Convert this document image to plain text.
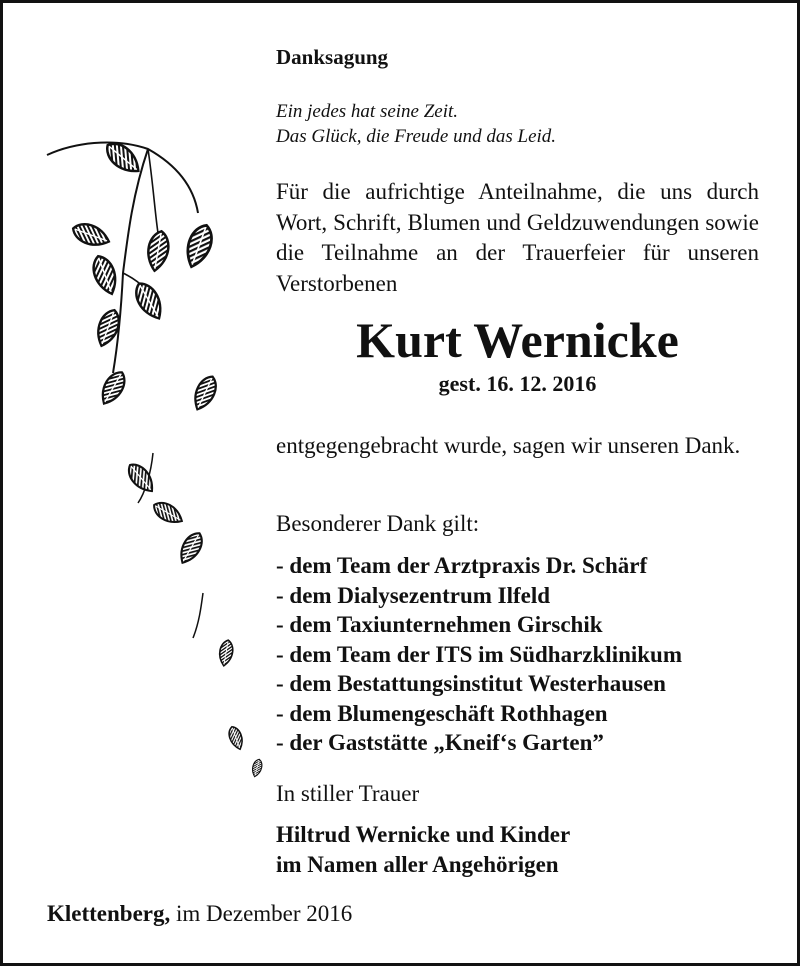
Danksagung
Ein jedes hat seine Zeit.
Das Glück, die Freude und das Leid.
Für die aufrichtige Anteilnahme, die uns durch Wort, Schrift, Blumen und Geldzuwendungen sowie die Teilnahme an der Trauerfeier für unseren Verstorbenen
Kurt Wernicke
gest. 16. 12. 2016
entgegengebracht wurde, sagen wir unseren Dank.
Besonderer Dank gilt:
- dem Team der Arztpraxis Dr. Schärf
- dem Dialysezentrum Ilfeld
- dem Taxiunternehmen Girschik
- dem Team der ITS im Südharzklinikum
- dem Bestattungsinstitut Westerhausen
- dem Blumengeschäft Rothhagen
- der Gaststätte „Kneif‘s Garten”
In stiller Trauer
Hiltrud Wernicke und Kinder
im Namen aller Angehörigen
Klettenberg, im Dezember 2016
